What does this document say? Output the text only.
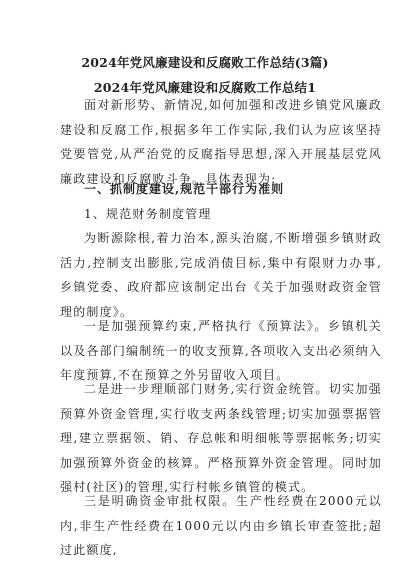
2024年党风廉建设和反腐败工作总结(3篇)
2024年党风廉建设和反腐败工作总结1

面对新形势、新情况,如何加强和改进乡镇党风廉政建设和反腐工作,根据多年工作实际,我们认为应该坚持党要管党,从严治党的反腐指导思想,深入开展基层党风廉政建设和反腐败斗争。具体表现为:

一、抓制度建设,规范干部行为准则

1、规范财务制度管理

为断源除根,着力治本,源头治腐,不断增强乡镇财政活力,控制支出膨胀,完成消债目标,集中有限财力办事,乡镇党委、政府都应该制定出台《关于加强财政资金管理的制度》。

一是加强预算约束,严格执行《预算法》。乡镇机关以及各部门编制统一的收支预算,各项收入支出必须纳入年度预算,不在预算之外另留收入项目。

二是进一步理顺部门财务,实行资金统管。切实加强预算外资金管理,实行收支两条线管理;切实加强票据管理,建立票据领、销、存总帐和明细帐等票据帐务;切实加强预算外资金的核算。严格预算外资金管理。同时加强村(社区)的管理,实行村帐乡镇管的模式。

三是明确资金审批权限。生产性经费在2000元以内,非生产性经费在1000元以内由乡镇长审查签批;超过此额度,
